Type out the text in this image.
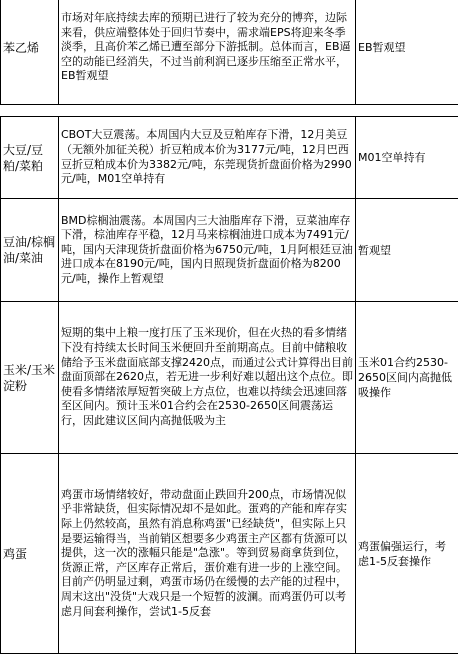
苯乙烯	市场对年底持续去库的预期已进行了较为充分的博弈，边际来看，供应端整体处于回归节奏中，需求端EPS将迎来冬季淡季，且高价苯乙烯已遭至部分下游抵制。总体而言，EB逼空的动能已经消失，不过当前利润已逐步压缩至正常水平，EB暂观望	EB暂观望
大豆/豆粕/菜粕	CBOT大豆震荡。本周国内大豆及豆粕库存下滑，12月美豆（无额外加征关税）折豆粕成本价为3177元/吨，12月巴西豆折豆粕成本价为3382元/吨，东莞现货折盘面价格为2990元/吨，M01空单持有	M01空单持有
豆油/棕榈油/菜油	BMD棕榈油震荡。本周国内三大油脂库存下滑，豆菜油库存下滑，棕油库存平稳，12月马来棕榈油进口成本为7491元/吨，国内天津现货折盘面价格为6750元/吨，1月阿根廷豆油进口成本在8190元/吨，国内日照现货折盘面价格为8200元/吨，操作上暂观望	暂观望
玉米/玉米淀粉	短期的集中上粮一度打压了玉米现价，但在火热的看多情绪下没有持续太长时间玉米便回升至前期高点。目前中储粮收储给予玉米盘面底部支撑2420点，而通过公式计算得出目前盘面顶部在2620点，若无进一步利好难以超出这个点位。即使看多情绪浓厚短暂突破上方点位，也难以持续会迅速回落至区间内。预计玉米01合约会在2530-2650区间震荡运行，因此建议区间内高抛低吸为主	玉米01合约2530-2650区间内高抛低吸操作
鸡蛋	鸡蛋市场情绪较好，带动盘面止跌回升200点，市场情况似乎非常缺货，但实际情况却不是如此。蛋鸡的产能和库存实际上仍然较高，虽然有消息称鸡蛋"已经缺货"，但实际上只是要运输得当，当前销区想要多少鸡蛋主产区都有货源可以提供，这一次的涨幅只能是"急涨"。等到贸易商拿货到位，货源正常，产区库存正常后，蛋价难有进一步的上涨空间。目前产仍明显过剩，鸡蛋市场仍在缓慢的去产能的过程中，周末这出"没货"大戏只是一个短暂的波澜。而鸡蛋仍可以考虑月间套利操作，尝试1-5反套	鸡蛋偏强运行，考虑1-5反套操作
